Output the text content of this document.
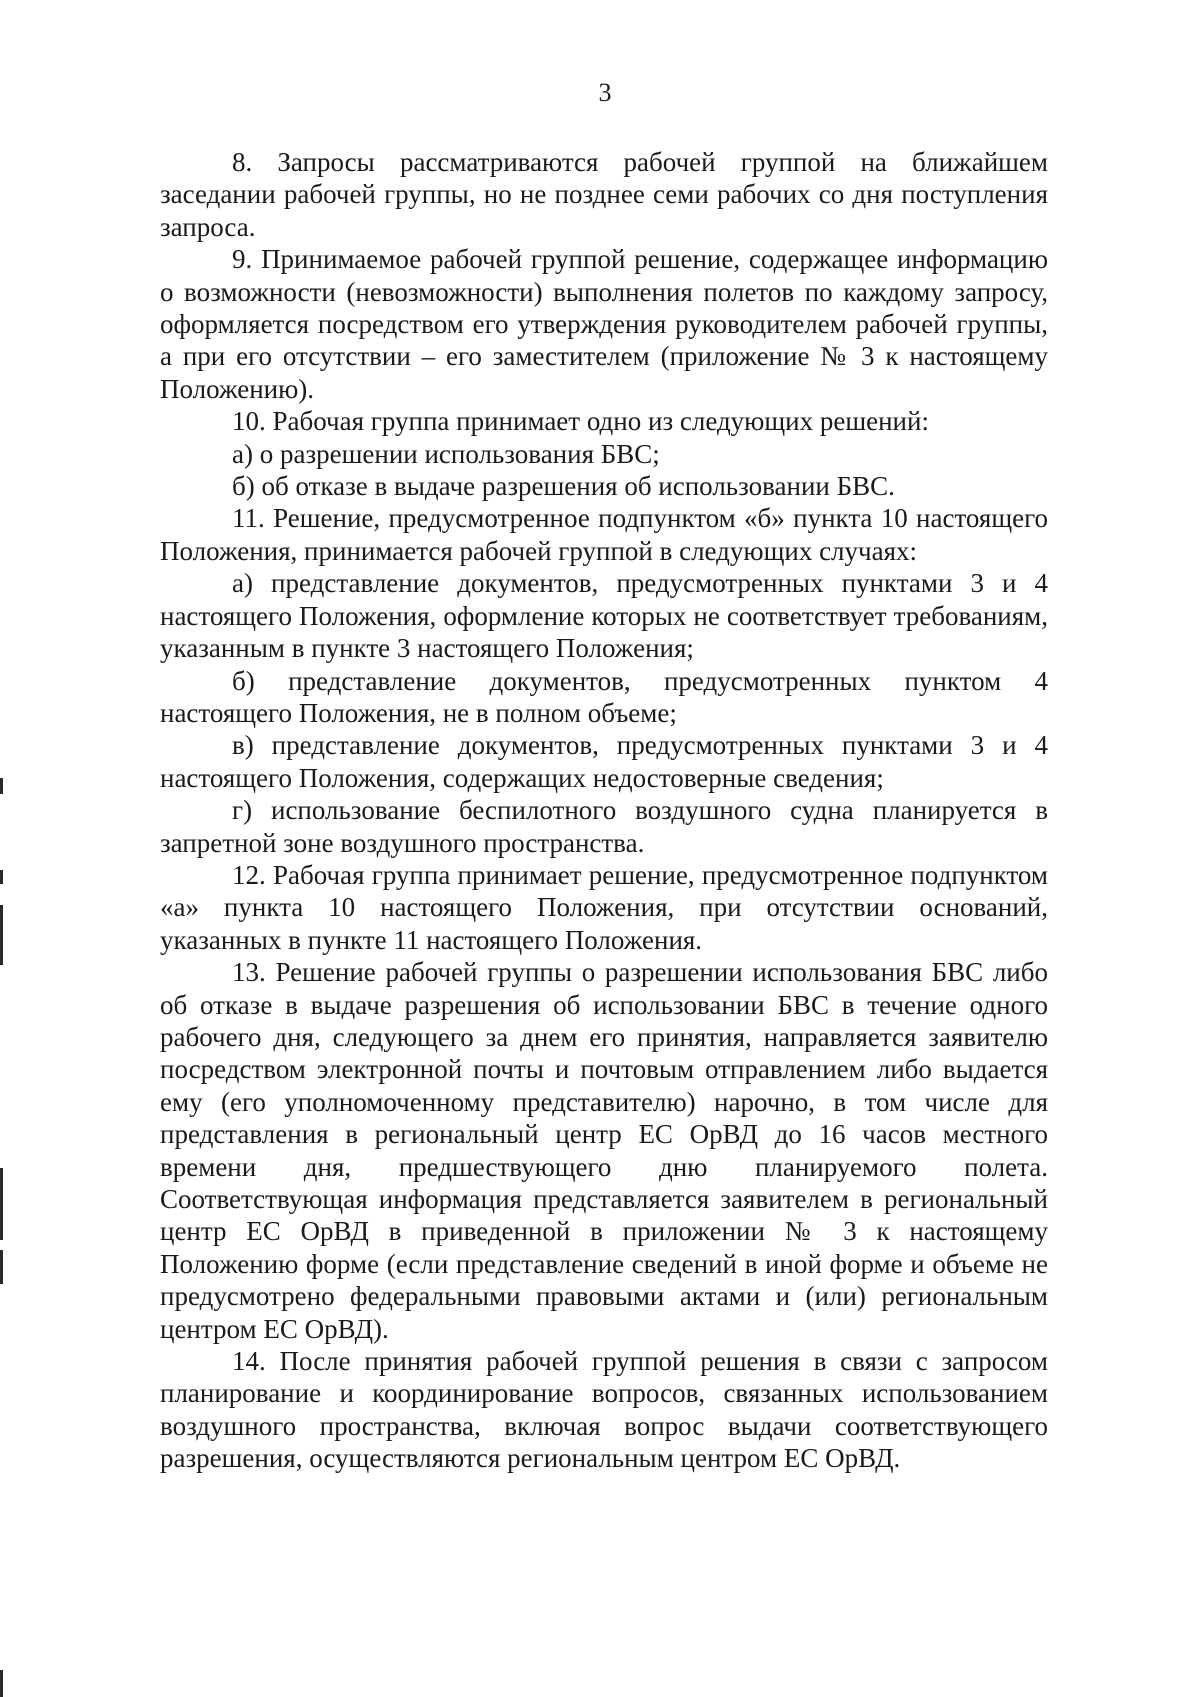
3

8. Запросы рассматриваются рабочей группой на ближайшем заседании рабочей группы, но не позднее семи рабочих со дня поступления запроса.

9. Принимаемое рабочей группой решение, содержащее информацию о возможности (невозможности) выполнения полетов по каждому запросу, оформляется посредством его утверждения руководителем рабочей группы, а при его отсутствии – его заместителем (приложение № 3 к настоящему Положению).

10. Рабочая группа принимает одно из следующих решений:

а) о разрешении использования БВС;

б) об отказе в выдаче разрешения об использовании БВС.

11. Решение, предусмотренное подпунктом «б» пункта 10 настоящего Положения, принимается рабочей группой в следующих случаях:

а) представление документов, предусмотренных пунктами 3 и 4 настоящего Положения, оформление которых не соответствует требованиям, указанным в пункте 3 настоящего Положения;

б) представление документов, предусмотренных пунктом 4 настоящего Положения, не в полном объеме;

в) представление документов, предусмотренных пунктами 3 и 4 настоящего Положения, содержащих недостоверные сведения;

г) использование беспилотного воздушного судна планируется в запретной зоне воздушного пространства.

12. Рабочая группа принимает решение, предусмотренное подпунктом «а» пункта 10 настоящего Положения, при отсутствии оснований, указанных в пункте 11 настоящего Положения.

13. Решение рабочей группы о разрешении использования БВС либо об отказе в выдаче разрешения об использовании БВС в течение одного рабочего дня, следующего за днем его принятия, направляется заявителю посредством электронной почты и почтовым отправлением либо выдается ему (его уполномоченному представителю) нарочно, в том числе для представления в региональный центр ЕС ОрВД до 16 часов местного времени дня, предшествующего дню планируемого полета. Соответствующая информация представляется заявителем в региональный центр ЕС ОрВД в приведенной в приложении № 3 к настоящему Положению форме (если представление сведений в иной форме и объеме не предусмотрено федеральными правовыми актами и (или) региональным центром ЕС ОрВД).

14. После принятия рабочей группой решения в связи с запросом планирование и координирование вопросов, связанных использованием воздушного пространства, включая вопрос выдачи соответствующего разрешения, осуществляются региональным центром ЕС ОрВД.
